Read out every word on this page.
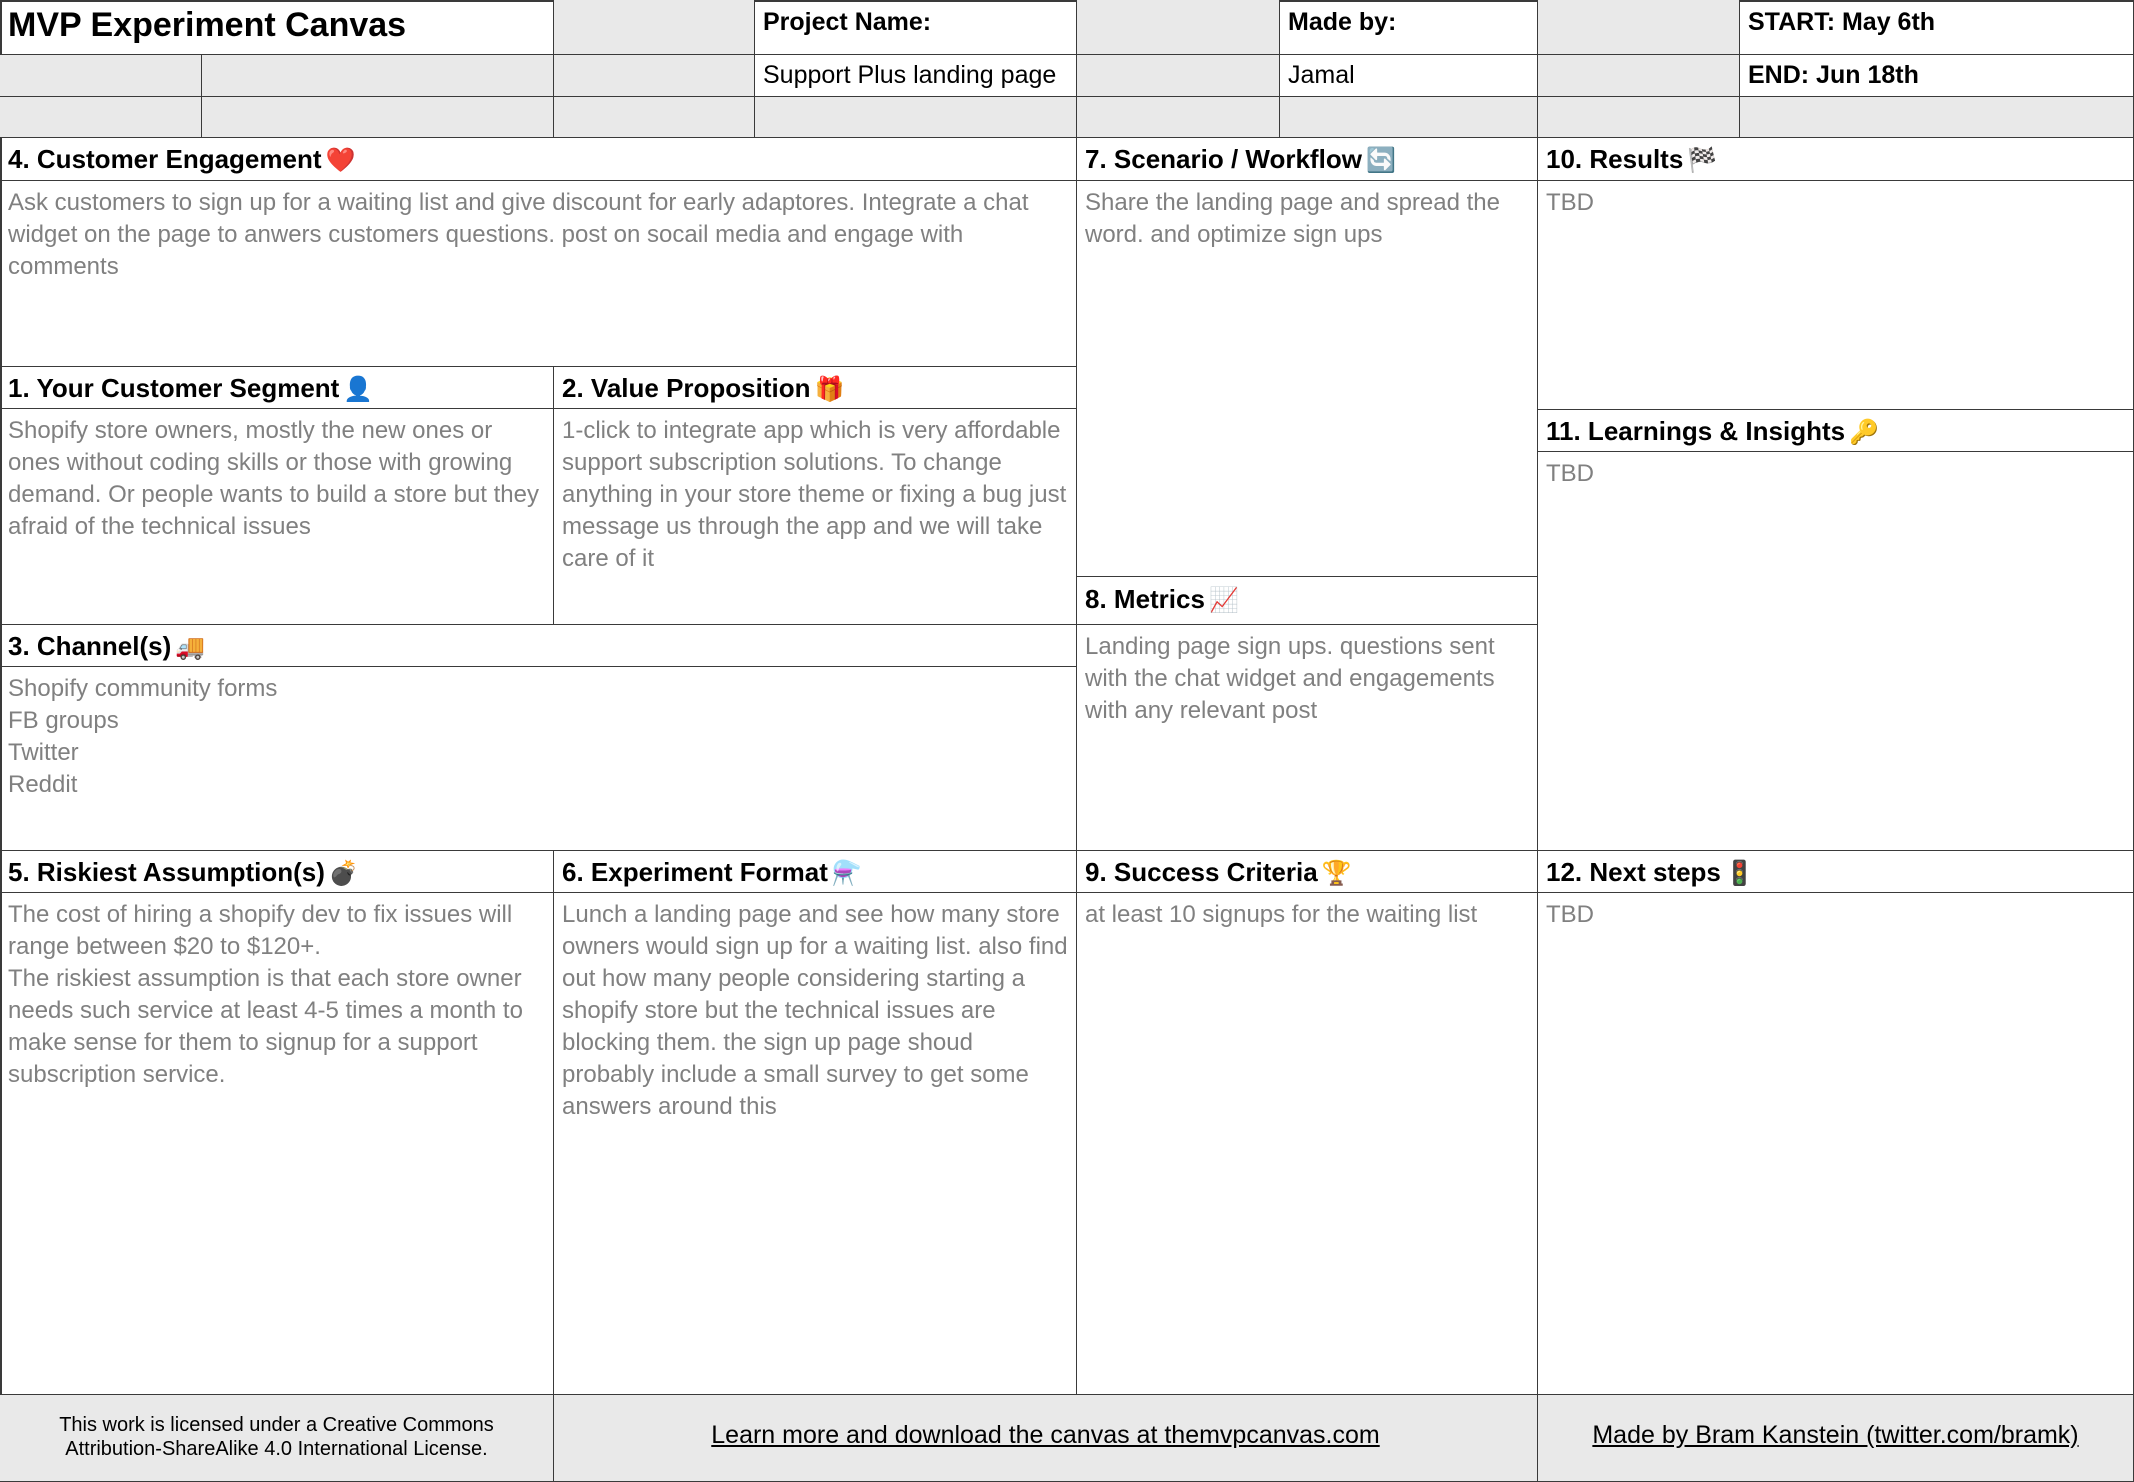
MVP Experiment Canvas	Project Name:	Made by:	START: May 6th
Support Plus landing page	Jamal	END: Jun 18th
4. Customer Engagement ❤️
Ask customers to sign up for a waiting list and give discount for early adaptores. Integrate a chat widget on the page to anwers customers questions. post on socail media and engage with comments
7. Scenario / Workflow 🔄
Share the landing page and spread the word. and optimize sign ups
10. Results 🏁
TBD
1. Your Customer Segment 👤
Shopify store owners, mostly the new ones or ones without coding skills or those with growing demand. Or people wants to build a store but they afraid of the technical issues
2. Value Proposition 🎁
1-click to integrate app which is very affordable support subscription solutions. To change anything in your store theme or fixing a bug just message us through the app and we will take care of it
11. Learnings & Insights 🔑
TBD
8. Metrics 📈
Landing page sign ups. questions sent with the chat widget and engagements with any relevant post
3. Channel(s) 🚚
Shopify community forms
FB groups
Twitter
Reddit
5. Riskiest Assumption(s) 💣
The cost of hiring a shopify dev to fix issues will range between $20 to $120+.
The riskiest assumption is that each store owner needs such service at least 4-5 times a month to make sense for them to signup for a support subscription service.
6. Experiment Format ⚗️
Lunch a landing page and see how many store owners would sign up for a waiting list. also find out how many people considering starting a shopify store but the technical issues are blocking them. the sign up page shoud probably include a small survey to get some answers around this
9. Success Criteria 🏆
at least 10 signups for the waiting list
12. Next steps 🚦
TBD
This work is licensed under a Creative Commons Attribution-ShareAlike 4.0 International License.	Learn more and download the canvas at themvpcanvas.com	Made by Bram Kanstein (twitter.com/bramk)
